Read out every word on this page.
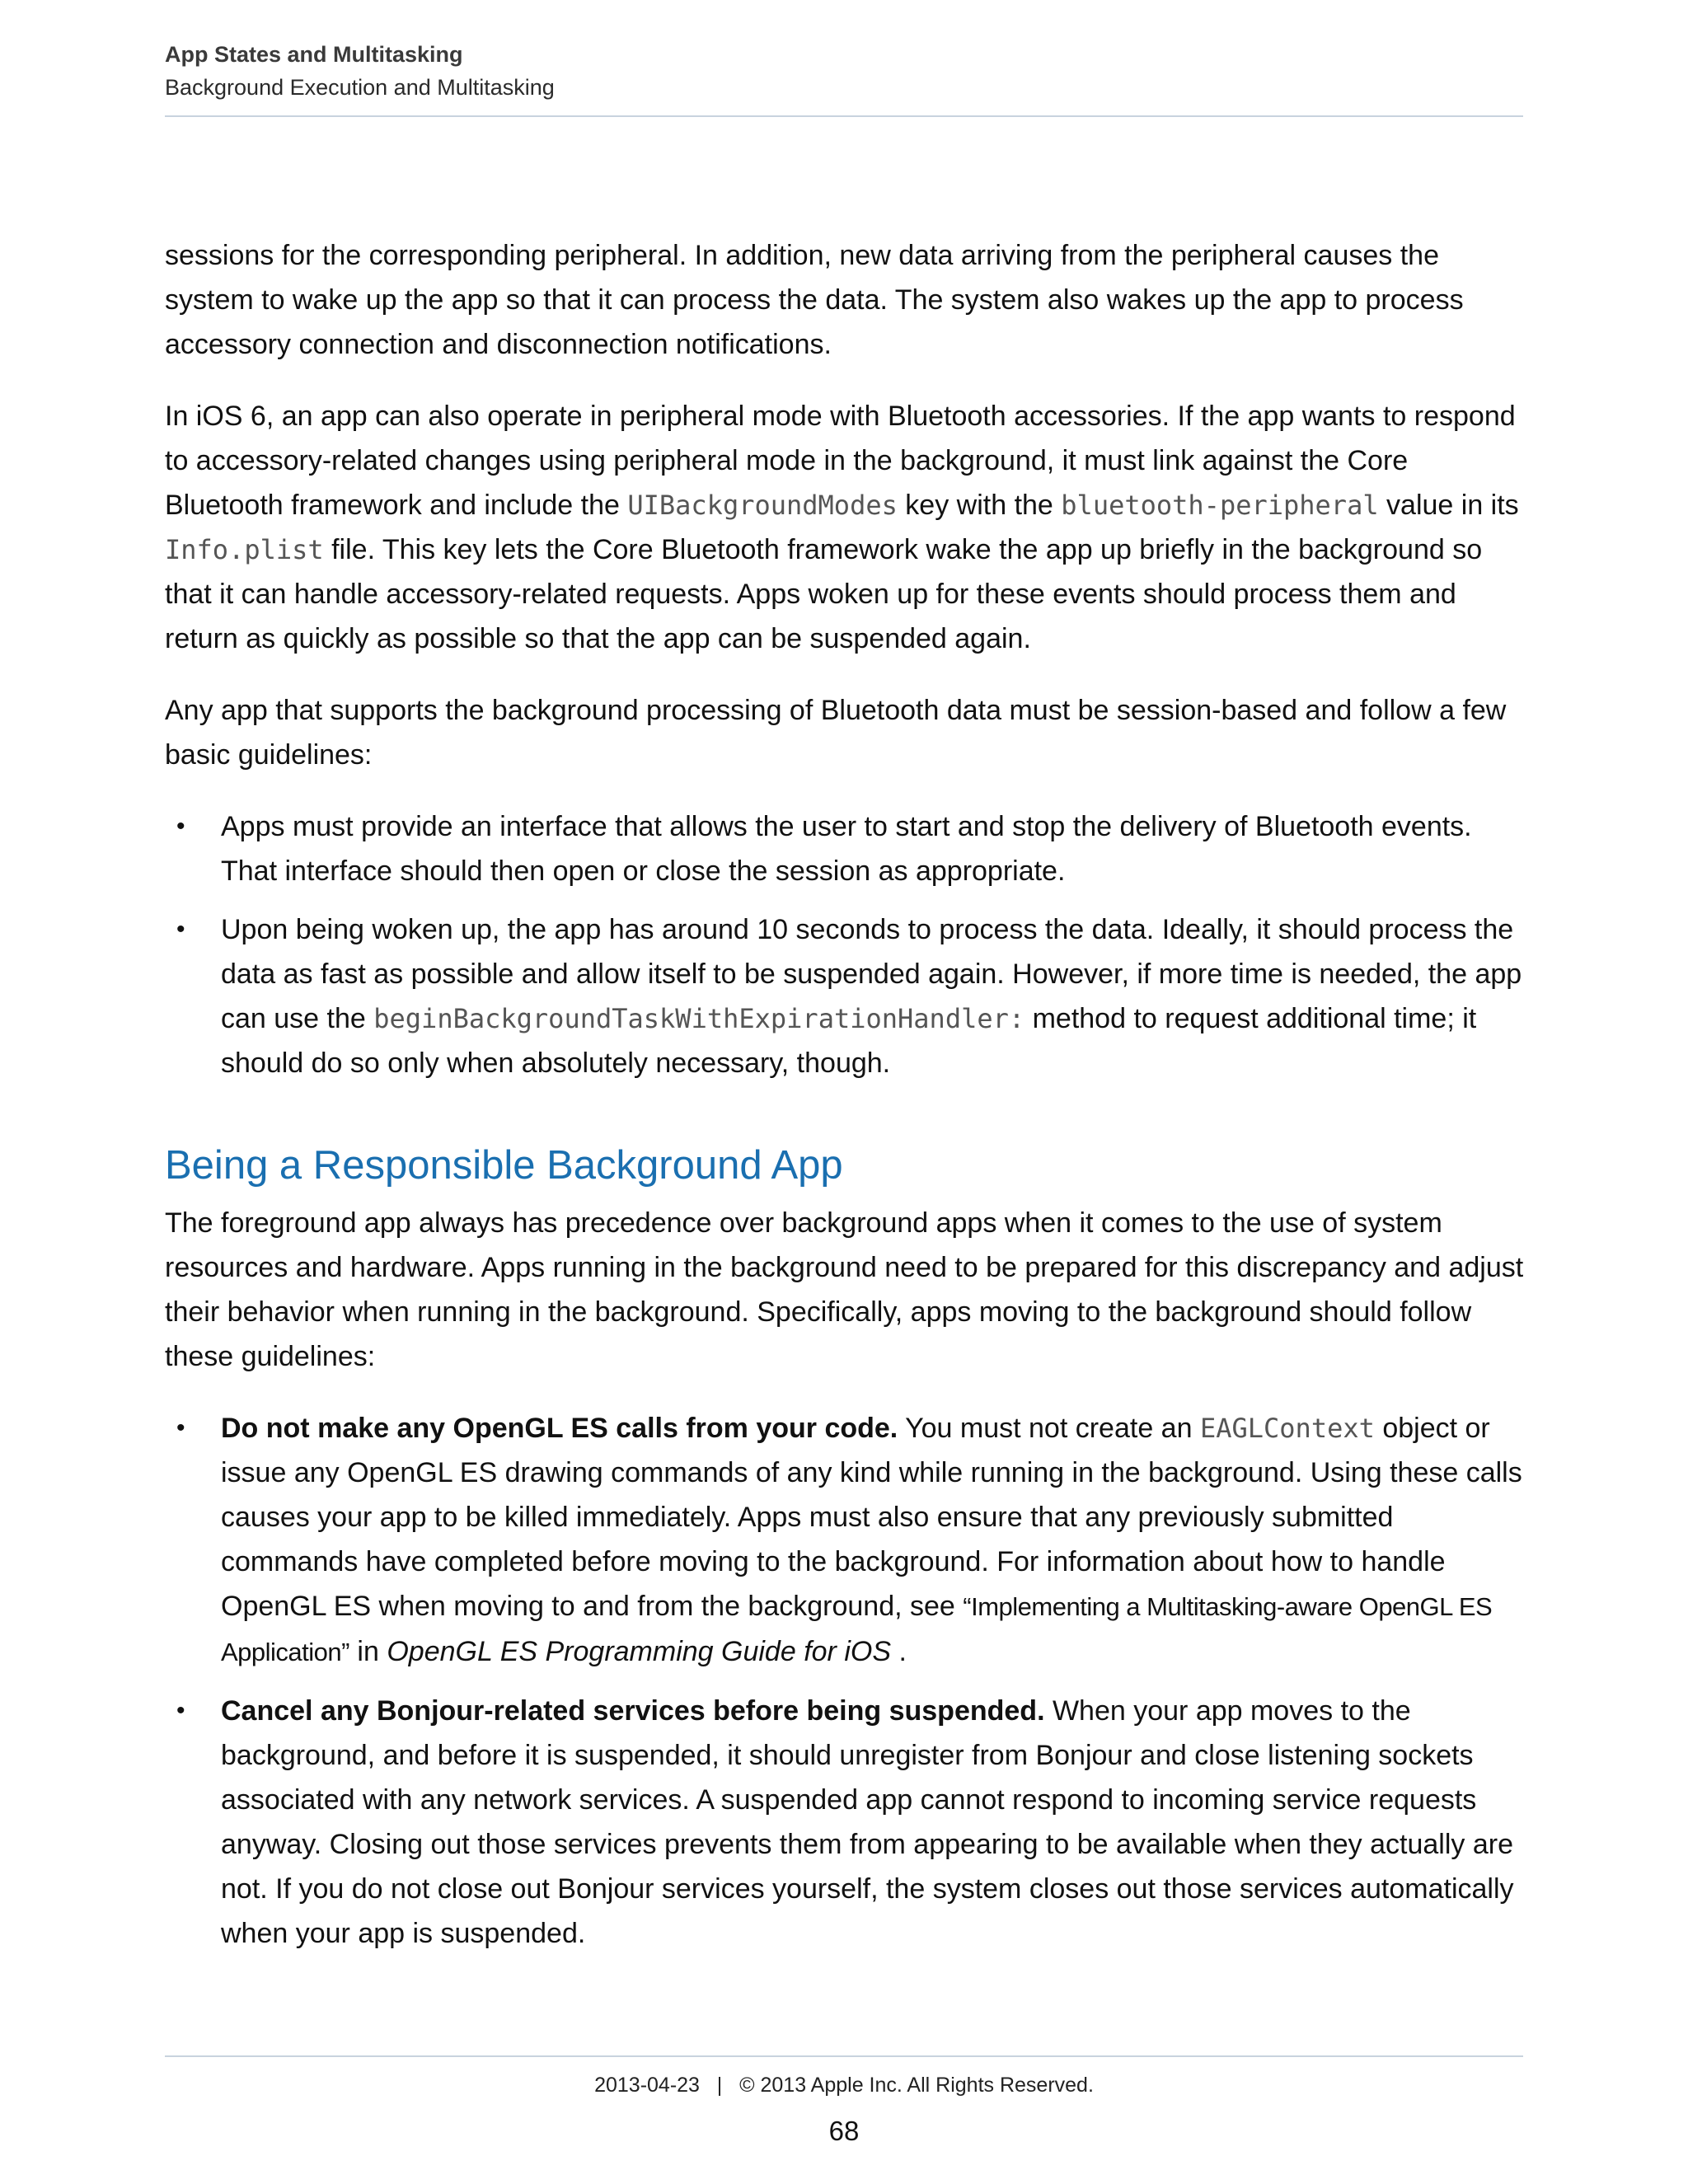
App States and Multitasking
Background Execution and Multitasking

sessions for the corresponding peripheral. In addition, new data arriving from the peripheral causes the system to wake up the app so that it can process the data. The system also wakes up the app to process accessory connection and disconnection notifications.

In iOS 6, an app can also operate in peripheral mode with Bluetooth accessories. If the app wants to respond to accessory-related changes using peripheral mode in the background, it must link against the Core Bluetooth framework and include the UIBackgroundModes key with the bluetooth-peripheral value in its Info.plist file. This key lets the Core Bluetooth framework wake the app up briefly in the background so that it can handle accessory-related requests. Apps woken up for these events should process them and return as quickly as possible so that the app can be suspended again.

Any app that supports the background processing of Bluetooth data must be session-based and follow a few basic guidelines:

• Apps must provide an interface that allows the user to start and stop the delivery of Bluetooth events. That interface should then open or close the session as appropriate.
• Upon being woken up, the app has around 10 seconds to process the data. Ideally, it should process the data as fast as possible and allow itself to be suspended again. However, if more time is needed, the app can use the beginBackgroundTaskWithExpirationHandler: method to request additional time; it should do so only when absolutely necessary, though.
Being a Responsible Background App

The foreground app always has precedence over background apps when it comes to the use of system resources and hardware. Apps running in the background need to be prepared for this discrepancy and adjust their behavior when running in the background. Specifically, apps moving to the background should follow these guidelines:

• Do not make any OpenGL ES calls from your code. You must not create an EAGLContext object or issue any OpenGL ES drawing commands of any kind while running in the background. Using these calls causes your app to be killed immediately. Apps must also ensure that any previously submitted commands have completed before moving to the background. For information about how to handle OpenGL ES when moving to and from the background, see “Implementing a Multitasking-aware OpenGL ES Application” in OpenGL ES Programming Guide for iOS .
• Cancel any Bonjour-related services before being suspended. When your app moves to the background, and before it is suspended, it should unregister from Bonjour and close listening sockets associated with any network services. A suspended app cannot respond to incoming service requests anyway. Closing out those services prevents them from appearing to be available when they actually are not. If you do not close out Bonjour services yourself, the system closes out those services automatically when your app is suspended.
2013-04-23   |   © 2013 Apple Inc. All Rights Reserved.
68
